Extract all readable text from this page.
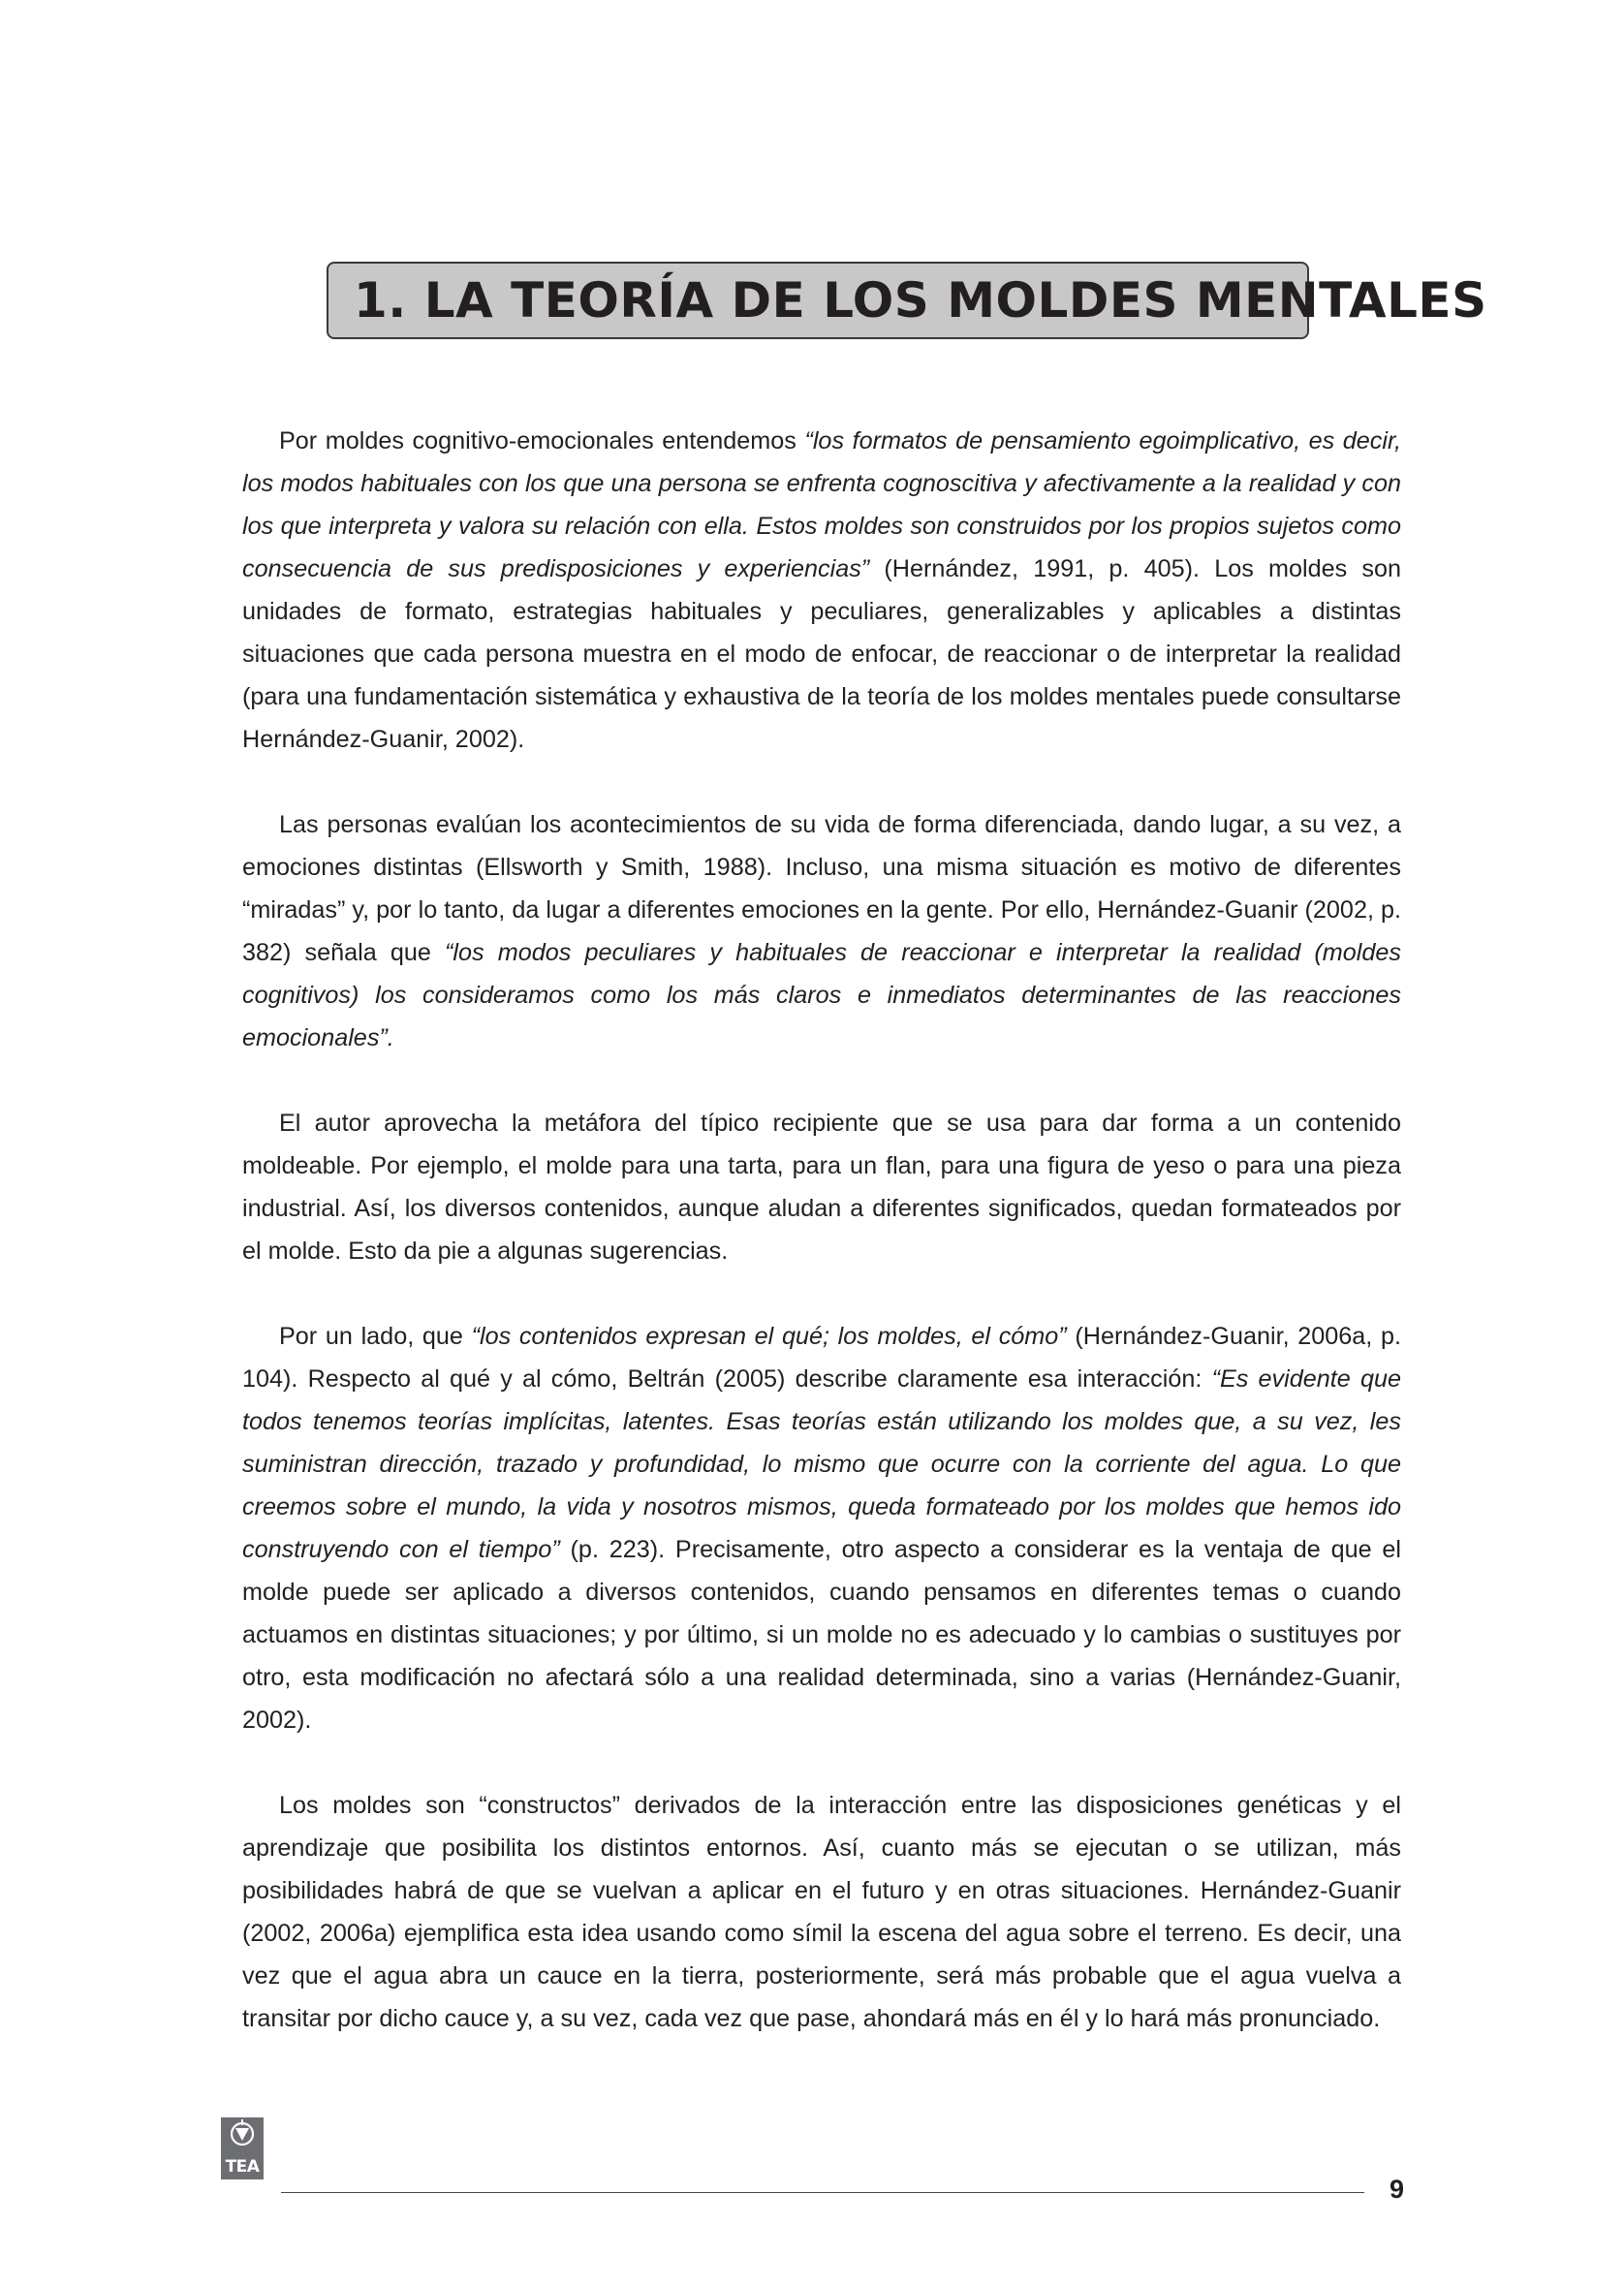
1. LA TEORÍA DE LOS MOLDES MENTALES

Por moldes cognitivo-emocionales entendemos “los formatos de pensamiento egoimplicativo, es decir, los modos habituales con los que una persona se enfrenta cognoscitiva y afectivamente a la realidad y con los que interpreta y valora su relación con ella. Estos moldes son construidos por los propios sujetos como consecuencia de sus predisposiciones y experiencias” (Hernández, 1991, p. 405). Los moldes son unidades de formato, estrategias habituales y peculiares, generalizables y aplicables a distintas situaciones que cada persona muestra en el modo de enfocar, de reaccionar o de interpretar la realidad (para una fundamentación sistemática y exhaustiva de la teoría de los moldes mentales puede consultarse Hernández-Guanir, 2002).

Las personas evalúan los acontecimientos de su vida de forma diferenciada, dando lugar, a su vez, a emociones distintas (Ellsworth y Smith, 1988). Incluso, una misma situación es motivo de diferentes “miradas” y, por lo tanto, da lugar a diferentes emociones en la gente. Por ello, Hernández-Guanir (2002, p. 382) señala que “los modos peculiares y habituales de reaccionar e interpretar la realidad (moldes cognitivos) los consideramos como los más claros e inmediatos determinantes de las reacciones emocionales”.

El autor aprovecha la metáfora del típico recipiente que se usa para dar forma a un contenido moldeable. Por ejemplo, el molde para una tarta, para un flan, para una figura de yeso o para una pieza industrial. Así, los diversos contenidos, aunque aludan a diferentes significados, quedan formateados por el molde. Esto da pie a algunas sugerencias.

Por un lado, que “los contenidos expresan el qué; los moldes, el cómo” (Hernández-Guanir, 2006a, p. 104). Respecto al qué y al cómo, Beltrán (2005) describe claramente esa interacción: “Es evidente que todos tenemos teorías implícitas, latentes. Esas teorías están utilizando los moldes que, a su vez, les suministran dirección, trazado y profundidad, lo mismo que ocurre con la corriente del agua. Lo que creemos sobre el mundo, la vida y nosotros mismos, queda formateado por los moldes que hemos ido construyendo con el tiempo” (p. 223). Precisamente, otro aspecto a considerar es la ventaja de que el molde puede ser aplicado a diversos contenidos, cuando pensamos en diferentes temas o cuando actuamos en distintas situaciones; y por último, si un molde no es adecuado y lo cambias o sustituyes por otro, esta modificación no afectará sólo a una realidad determinada, sino a varias (Hernández-Guanir, 2002).

Los moldes son “constructos” derivados de la interacción entre las disposiciones genéticas y el aprendizaje que posibilita los distintos entornos. Así, cuanto más se ejecutan o se utilizan, más posibilidades habrá de que se vuelvan a aplicar en el futuro y en otras situaciones. Hernández-Guanir (2002, 2006a) ejemplifica esta idea usando como símil la escena del agua sobre el terreno. Es decir, una vez que el agua abra un cauce en la tierra, posteriormente, será más probable que el agua vuelva a transitar por dicho cauce y, a su vez, cada vez que pase, ahondará más en él y lo hará más pronunciado.

TEA
9
